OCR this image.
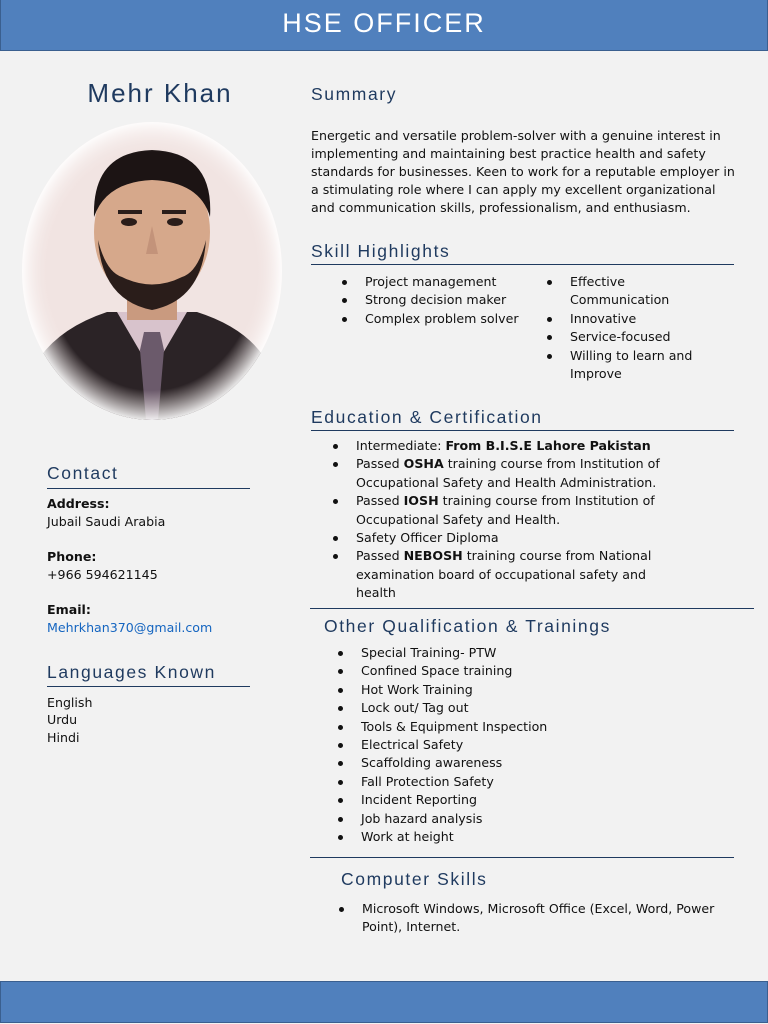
HSE OFFICER
Mehr Khan
Contact
Address:
Jubail Saudi Arabia
Phone:
+966 594621145
Email:
Mehrkhan370@gmail.com
Languages Known
English
Urdu
Hindi
Summary
Energetic and versatile problem-solver with a genuine interest in implementing and maintaining best practice health and safety standards for businesses. Keen to work for a reputable employer in a stimulating role where I can apply my excellent organizational and communication skills, professionalism, and enthusiasm.
Skill Highlights
Project management
Strong decision maker
Complex problem solver
Effective Communication
Innovative
Service-focused
Willing to learn and Improve
Education & Certification
Intermediate: From B.I.S.E Lahore Pakistan
Passed OSHA training course from Institution of Occupational Safety and Health Administration.
Passed IOSH training course from Institution of Occupational Safety and Health.
Safety Officer Diploma
Passed NEBOSH training course from National examination board of occupational safety and health
Other Qualification & Trainings
Special Training- PTW
Confined Space training
Hot Work Training
Lock out/ Tag out
Tools & Equipment Inspection
Electrical Safety
Scaffolding awareness
Fall Protection Safety
Incident Reporting
Job hazard analysis
Work at height
Computer Skills
Microsoft Windows, Microsoft Office (Excel, Word, Power Point), Internet.
